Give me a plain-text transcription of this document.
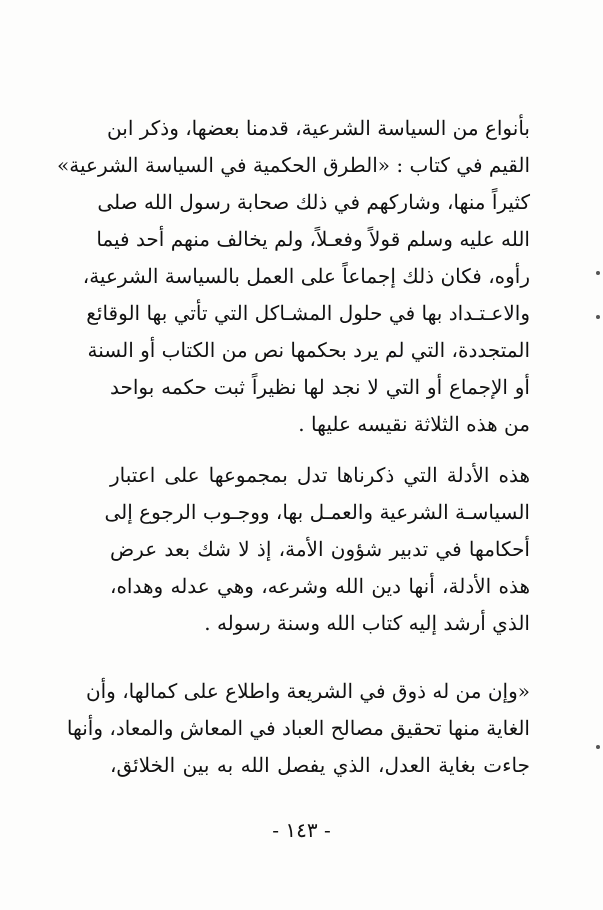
بأنواع من السياسة الشرعية، قدمنا بعضها، وذكر ابن
القيم في كتاب : «الطرق الحكمية في السياسة الشرعية»
كثيراً منها، وشاركهم في ذلك صحابة رسول الله صلى
الله عليه وسلم قولاً وفعـلاً، ولم يخالف منهم أحد فيما
رأوه، فكان ذلك إجماعاً على العمل بالسياسة الشرعية،
والاعـتـداد بها في حلول المشـاكل التي تأتي بها الوقائع
المتجددة، التي لم يرد بحكمها نص من الكتاب أو السنة
أو الإجماع أو التي لا نجد لها نظيراً ثبت حكمه بواحد
من هذه الثلاثة نقيسه عليها .
هذه الأدلة التي ذكرناها تدل بمجموعها على اعتبار
السياسـة الشرعية والعمـل بها، ووجـوب الرجوع إلى
أحكامها في تدبير شؤون الأمة، إذ لا شك بعد عرض
هذه الأدلة، أنها دين الله وشرعه، وهي عدله وهداه،
الذي أرشد إليه كتاب الله وسنة رسوله .
«وإن من له ذوق في الشريعة واطلاع على كمالها، وأن
الغاية منها تحقيق مصالح العباد في المعاش والمعاد، وأنها
جاءت بغاية العدل، الذي يفصل الله به بين الخلائق،
- ١٤٣ -
